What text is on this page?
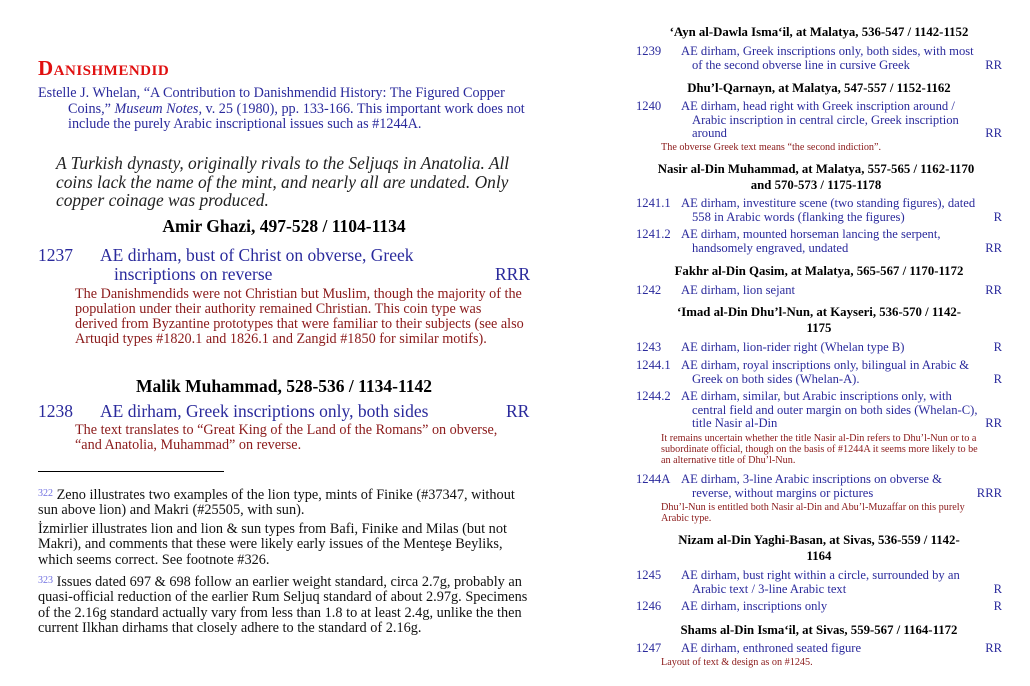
Danishmendid
Estelle J. Whelan, “A Contribution to Danishmendid History: The Figured Copper Coins,” Museum Notes, v. 25 (1980), pp. 133-166. This important work does not include the purely Arabic inscriptional issues such as #1244A.
A Turkish dynasty, originally rivals to the Seljuqs in Anatolia. All coins lack the name of the mint, and nearly all are undated. Only copper coinage was produced.
Amir Ghazi, 497-528 / 1104-1134
1237 AE dirham, bust of Christ on obverse, Greek inscriptions on reverse	RRR
The Danishmendids were not Christian but Muslim, though the majority of the population under their authority remained Christian. This coin type was derived from Byzantine prototypes that were familiar to their subjects (see also Artuqid types #1820.1 and 1826.1 and Zangid #1850 for similar motifs).
Malik Muhammad, 528-536 / 1134-1142
1238 AE dirham, Greek inscriptions only, both sides	RR
The text translates to “Great King of the Land of the Romans” on obverse, “and Anatolia, Muhammad” on reverse.
$^{322}$ Zeno illustrates two examples of the lion type, mints of Finike (#37347, without sun above lion) and Makri (#25505, with sun).
İzmirlier illustrates lion and lion & sun types from Bafi, Finike and Milas (but not Makri), and comments that these were likely early issues of the Menteşe Beyliks, which seems correct. See footnote #326.
$^{323}$ Issues dated 697 & 698 follow an earlier weight standard, circa 2.7g, probably an quasi-official reduction of the earlier Rum Seljuq standard of about 2.97g. Specimens of the 2.16g standard actually vary from less than 1.8 to at least 2.4g, unlike the then current Ilkhan dirhams that closely adhere to the standard of 2.16g.
‘Ayn al-Dawla Isma‘il, at Malatya, 536-547 / 1142-1152
1239	AE dirham, Greek inscriptions only, both sides, with most of the second obverse line in cursive Greek	RR
Dhu’l-Qarnayn, at Malatya, 547-557 / 1152-1162
1240	AE dirham, head right with Greek inscription around / Arabic inscription in central circle, Greek inscription around	RR
The obverse Greek text means “the second indiction”.
Nasir al-Din Muhammad, at Malatya, 557-565 / 1162-1170 and 570-573 / 1175-1178
1241.1 AE dirham, investiture scene (two standing figures), dated 558 in Arabic words (flanking the figures)	R
1241.2 AE dirham, mounted horseman lancing the serpent, handsomely engraved, undated	RR
Fakhr al-Din Qasim, at Malatya, 565-567 / 1170-1172
1242	AE dirham, lion sejant	RR
‘Imad al-Din Dhu’l-Nun, at Kayseri, 536-570 / 1142-1175
1243	AE dirham, lion-rider right (Whelan type B)	R
1244.1 AE dirham, royal inscriptions only, bilingual in Arabic & Greek on both sides (Whelan-A).	R
1244.2 AE dirham, similar, but Arabic inscriptions only, with central field and outer margin on both sides (Whelan-C), title Nasir al-Din	RR
It remains uncertain whether the title Nasir al-Din refers to Dhu’l-Nun or to a subordinate official, though on the basis of #1244A it seems more likely to be an alternative title of Dhu’l-Nun.
1244A AE dirham, 3-line Arabic inscriptions on obverse & reverse, without margins or pictures	RRR
Dhu’l-Nun is entitled both Nasir al-Din and Abu’l-Muzaffar on this purely Arabic type.
Nizam al-Din Yaghi-Basan, at Sivas, 536-559 / 1142-1164
1245	AE dirham, bust right within a circle, surrounded by an Arabic text / 3-line Arabic text	R
1246	AE dirham, inscriptions only	R
Shams al-Din Isma‘il, at Sivas, 559-567 / 1164-1172
1247	AE dirham, enthroned seated figure	RR
Layout of text & design as on #1245.
